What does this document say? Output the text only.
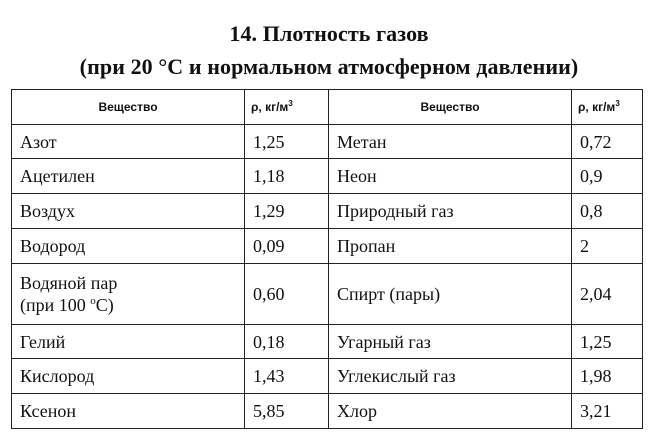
14. Плотность газов
(при 20 °С и нормальном атмосферном давлении)
Вещество	ρ, $кг/м^3$	Вещество	ρ, $кг/м^3$
Азот	1,25	Метан	0,72
Ацетилен	1,18	Неон	0,9
Воздух	1,29	Природный газ	0,8
Водород	0,09	Пропан	2

Водяной пар
(при 100 $^o$С)	0,60	Спирт (пары)	2,04
Гелий	0,18	Угарный газ	1,25
Кислород	1,43	Углекислый газ	1,98
Ксенон	5,85	Хлор	3,21
